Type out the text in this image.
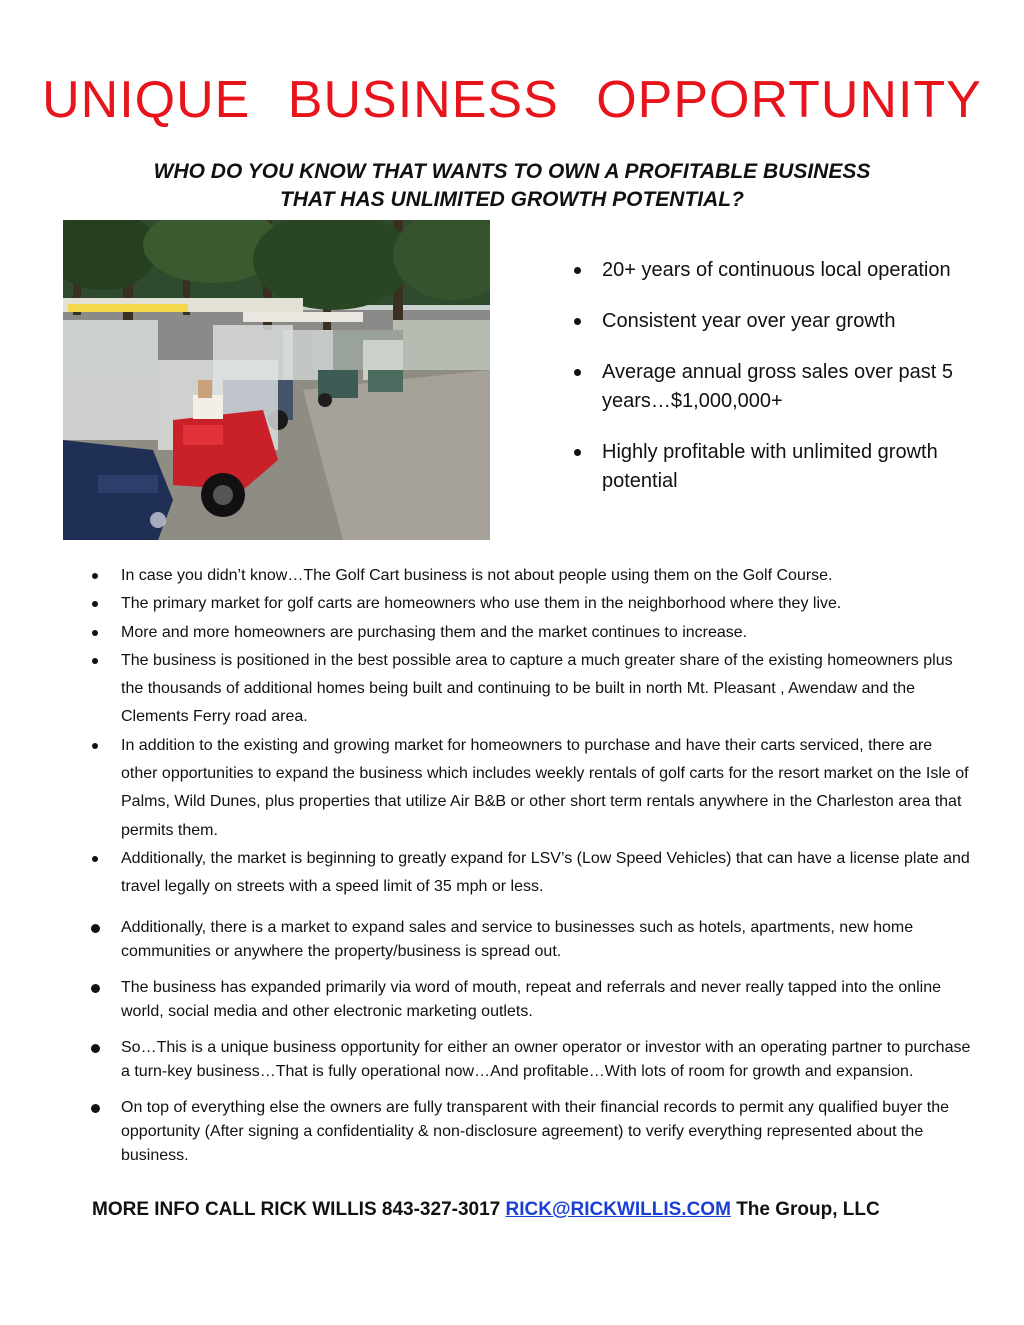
UNIQUE BUSINESS OPPORTUNITY
WHO DO YOU KNOW THAT WANTS TO OWN A PROFITABLE BUSINESS
THAT HAS UNLIMITED GROWTH POTENTIAL?
20+ years of continuous local operation
Consistent year over year growth
Average annual gross sales over past 5 years…$1,000,000+
Highly profitable with unlimited growth potential
In case you didn’t know…The Golf Cart business is not about people using them on the Golf Course.
The primary market for golf carts are homeowners who use them in the neighborhood where they live.
More and more homeowners are purchasing them and the market continues to increase.
The business is positioned in the best possible area to capture a much greater share of the existing homeowners plus the thousands of additional homes being built and continuing to be built in north Mt. Pleasant , Awendaw and the Clements Ferry road area.
In addition to the existing and growing market for homeowners to purchase and have their carts serviced, there are other opportunities to expand the business which includes weekly rentals of golf carts for the resort market on the Isle of Palms, Wild Dunes, plus properties that utilize Air B&B or other short term rentals anywhere in the Charleston area that permits them.
Additionally, the market is beginning to greatly expand for LSV’s (Low Speed Vehicles) that can have a license plate and travel legally on streets with a speed limit of 35 mph or less.
Additionally, there is a market to expand sales and service to businesses such as hotels, apartments, new home communities or anywhere the property/business is spread out.
The business has expanded primarily via word of mouth, repeat and referrals and never really tapped into the online world, social media and other electronic marketing outlets.
So…This is a unique business opportunity for either an owner operator or investor with an operating partner to purchase a turn-key business…That is fully operational now…And profitable…With lots of room for growth and expansion.
On top of everything else the owners are fully transparent with their financial records to permit any qualified buyer the opportunity (After signing a confidentiality & non-disclosure agreement) to verify everything represented about the business.
MORE INFO CALL RICK WILLIS 843-327-3017 RICK@RICKWILLIS.COM The Group, LLC
